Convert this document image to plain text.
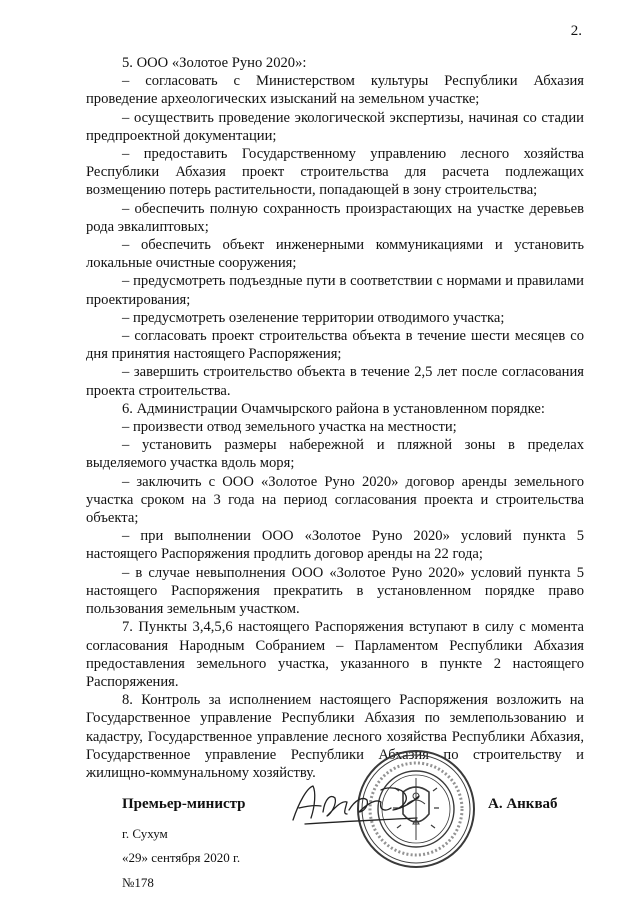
2.

5. ООО «Золотое Руно 2020»:

– согласовать с Министерством культуры Республики Абхазия проведение археологических изысканий на земельном участке;

– осуществить проведение экологической экспертизы, начиная со стадии предпроектной документации;

– предоставить Государственному управлению лесного хозяйства Республики Абхазия проект строительства для расчета подлежащих возмещению потерь растительности, попадающей в зону строительства;

– обеспечить полную сохранность произрастающих на участке деревьев рода эвкалиптовых;

– обеспечить объект инженерными коммуникациями и установить локальные очистные сооружения;

– предусмотреть подъездные пути в соответствии с нормами и правилами проектирования;

– предусмотреть озеленение территории отводимого участка;

– согласовать проект строительства объекта в течение шести месяцев со дня принятия настоящего Распоряжения;

– завершить строительство объекта в течение 2,5 лет после согласования проекта строительства.

6. Администрации Очамчырского района в установленном порядке:

– произвести отвод земельного участка на местности;

– установить размеры набережной и пляжной зоны в пределах выделяемого участка вдоль моря;

– заключить с ООО «Золотое Руно 2020» договор аренды земельного участка сроком на 3 года на период согласования проекта и строительства объекта;

– при выполнении ООО «Золотое Руно 2020» условий пункта 5 настоящего Распоряжения продлить договор аренды на 22 года;

– в случае невыполнения ООО «Золотое Руно 2020» условий пункта 5 настоящего Распоряжения прекратить в установленном порядке право пользования земельным участком.

7. Пункты 3,4,5,6 настоящего Распоряжения вступают в силу с момента согласования Народным Собранием – Парламентом Республики Абхазия предоставления земельного участка, указанного в пункте 2 настоящего Распоряжения.

8. Контроль за исполнением настоящего Распоряжения возложить на Государственное управление Республики Абхазия по землепользованию и кадастру, Государственное управление лесного хозяйства Республики Абхазия, Государственное управление Республики Абхазия по строительству и жилищно-коммунальному хозяйству.

Премьер-министр	А. Анкваб
г. Сухум
«29» сентября 2020 г.
№178
